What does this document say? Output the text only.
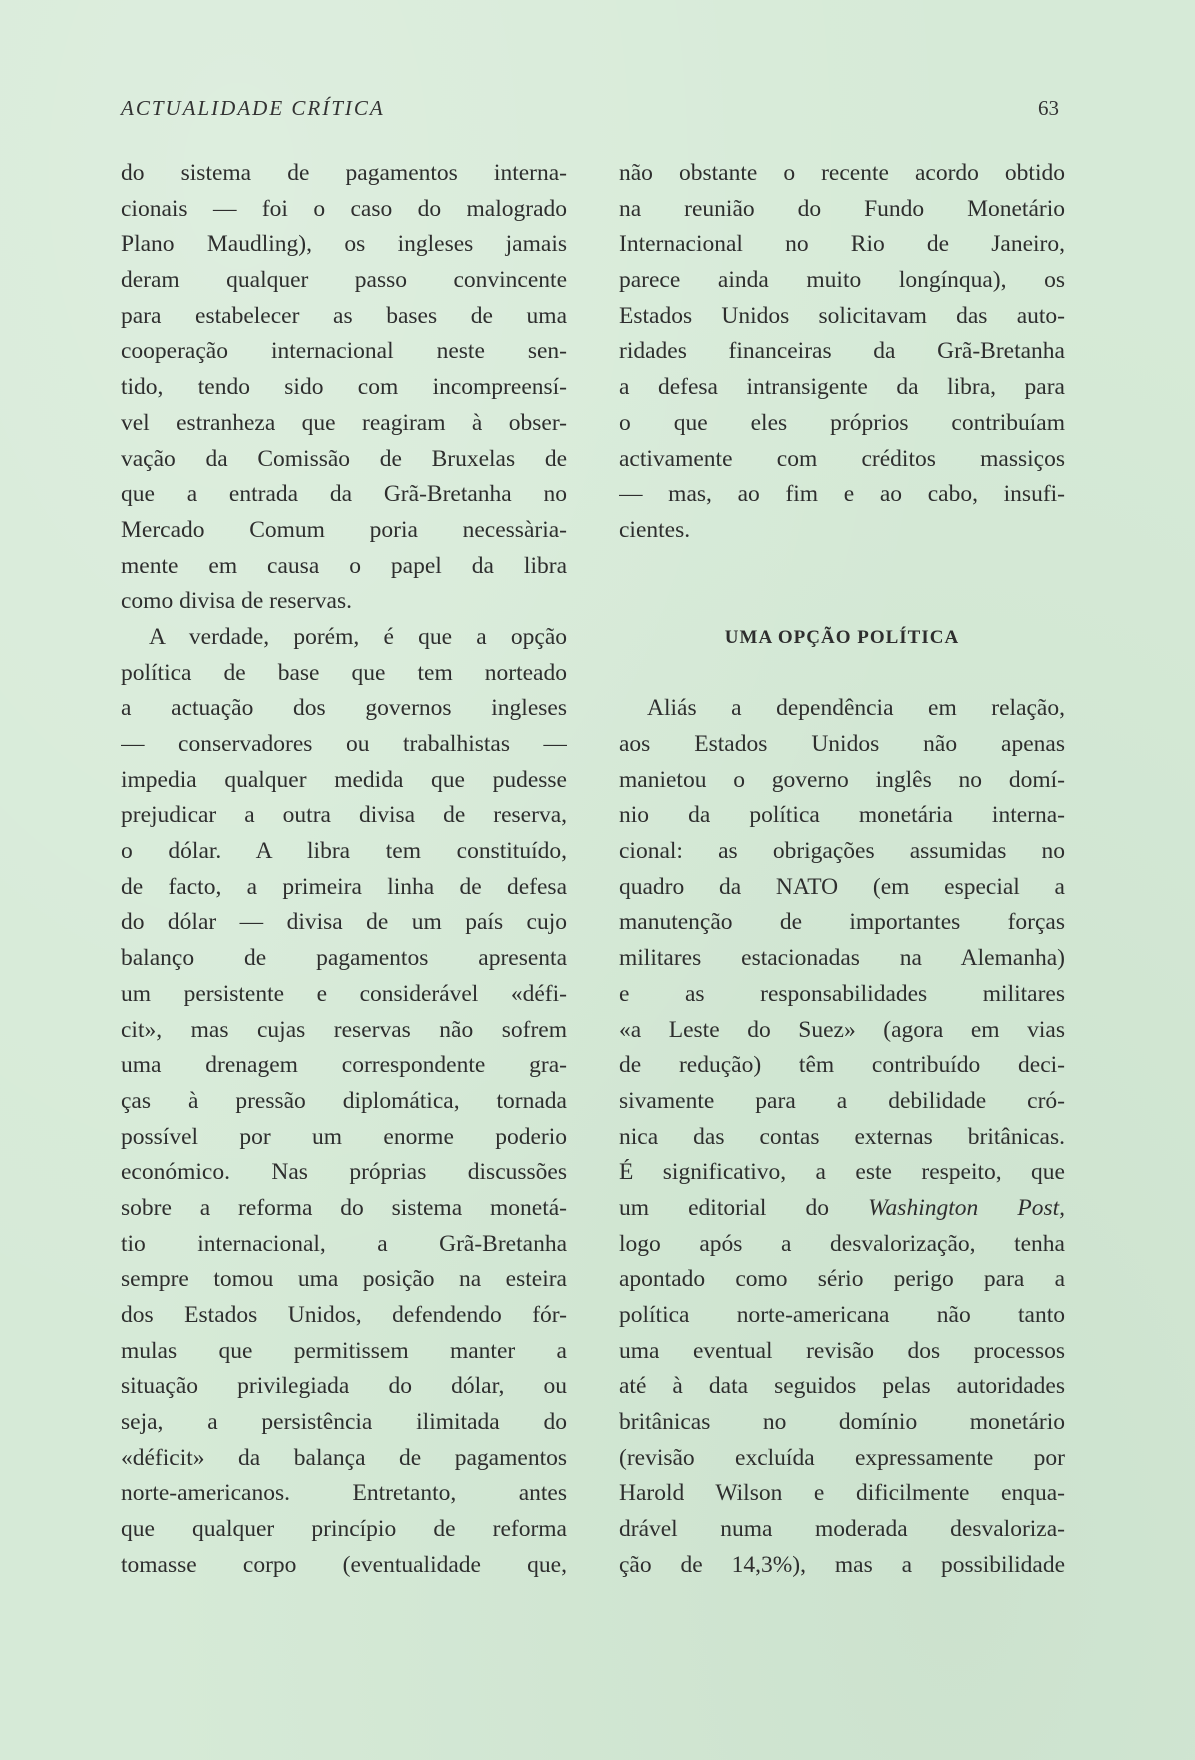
ACTUALIDADE CRÍTICA	63
do sistema de pagamentos interna-
cionais — foi o caso do malogrado
Plano Maudling), os ingleses jamais
deram qualquer passo convincente
para estabelecer as bases de uma
cooperação internacional neste sen-
tido, tendo sido com incompreensí-
vel estranheza que reagiram à obser-
vação da Comissão de Bruxelas de
que a entrada da Grã-Bretanha no
Mercado Comum poria necessària-
mente em causa o papel da libra
como divisa de reservas.
A verdade, porém, é que a opção
política de base que tem norteado
a actuação dos governos ingleses
— conservadores ou trabalhistas —
impedia qualquer medida que pudesse
prejudicar a outra divisa de reserva,
o dólar. A libra tem constituído,
de facto, a primeira linha de defesa
do dólar — divisa de um país cujo
balanço de pagamentos apresenta
um persistente e considerável «défi-
cit», mas cujas reservas não sofrem
uma drenagem correspondente gra-
ças à pressão diplomática, tornada
possível por um enorme poderio
económico. Nas próprias discussões
sobre a reforma do sistema monetá-
tio internacional, a Grã-Bretanha
sempre tomou uma posição na esteira
dos Estados Unidos, defendendo fór-
mulas que permitissem manter a
situação privilegiada do dólar, ou
seja, a persistência ilimitada do
«déficit» da balança de pagamentos
norte-americanos. Entretanto, antes
que qualquer princípio de reforma
tomasse corpo (eventualidade que,
não obstante o recente acordo obtido
na reunião do Fundo Monetário
Internacional no Rio de Janeiro,
parece ainda muito longínqua), os
Estados Unidos solicitavam das auto-
ridades financeiras da Grã-Bretanha
a defesa intransigente da libra, para
o que eles próprios contribuíam
activamente com créditos massiços
— mas, ao fim e ao cabo, insufi-
cientes.
UMA OPÇÃO POLÍTICA
Aliás a dependência em relação,
aos Estados Unidos não apenas
manietou o governo inglês no domí-
nio da política monetária interna-
cional: as obrigações assumidas no
quadro da NATO (em especial a
manutenção de importantes forças
militares estacionadas na Alemanha)
e as responsabilidades militares
«a Leste do Suez» (agora em vias
de redução) têm contribuído deci-
sivamente para a debilidade cró-
nica das contas externas britânicas.
É significativo, a este respeito, que
um editorial do Washington Post,
logo após a desvalorização, tenha
apontado como sério perigo para a
política norte-americana não tanto
uma eventual revisão dos processos
até à data seguidos pelas autoridades
britânicas no domínio monetário
(revisão excluída expressamente por
Harold Wilson e dificilmente enqua-
drável numa moderada desvaloriza-
ção de 14,3%), mas a possibilidade
